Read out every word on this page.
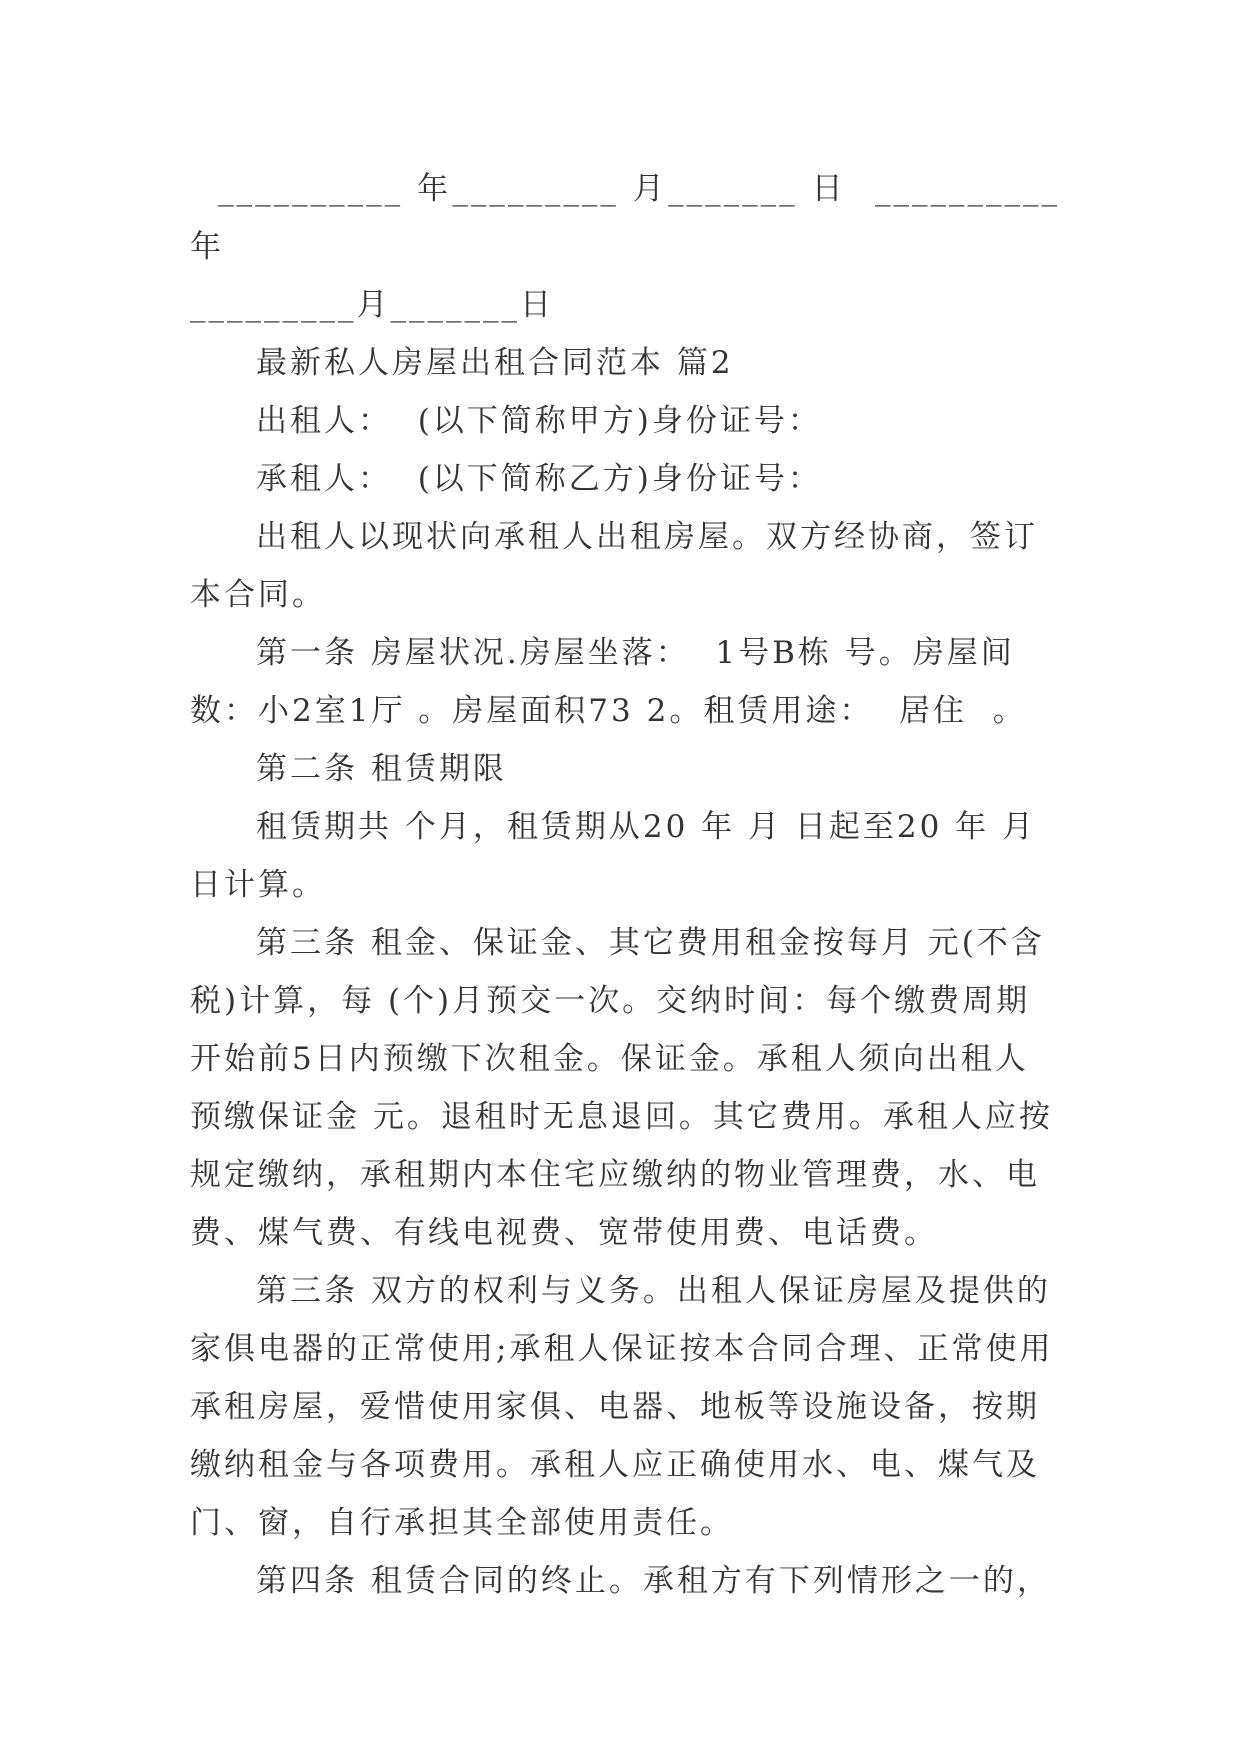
__________ 年_________ 月_______ 日  __________ 年

_________月_______日

最新私人房屋出租合同范本 篇2

出租人：  (以下简称甲方)身份证号：

承租人：  (以下简称乙方)身份证号：

出租人以现状向承租人出租房屋。双方经协商，签订本合同。

第一条 房屋状况.房屋坐落：  1号B栋 号。房屋间数：小2室1厅 。房屋面积73 2。租赁用途：  居住  。

第二条 租赁期限

租赁期共 个月，租赁期从20 年 月 日起至20 年 月日计算。

第三条 租金、保证金、其它费用租金按每月 元(不含税)计算，每 (个)月预交一次。交纳时间：每个缴费周期开始前5日内预缴下次租金。保证金。承租人须向出租人预缴保证金 元。退租时无息退回。其它费用。承租人应按规定缴纳，承租期内本住宅应缴纳的物业管理费，水、电费、煤气费、有线电视费、宽带使用费、电话费。

第三条 双方的权利与义务。出租人保证房屋及提供的家俱电器的正常使用;承租人保证按本合同合理、正常使用承租房屋，爱惜使用家俱、电器、地板等设施设备，按期缴纳租金与各项费用。承租人应正确使用水、电、煤气及门、窗，自行承担其全部使用责任。

第四条 租赁合同的终止。承租方有下列情形之一的，
